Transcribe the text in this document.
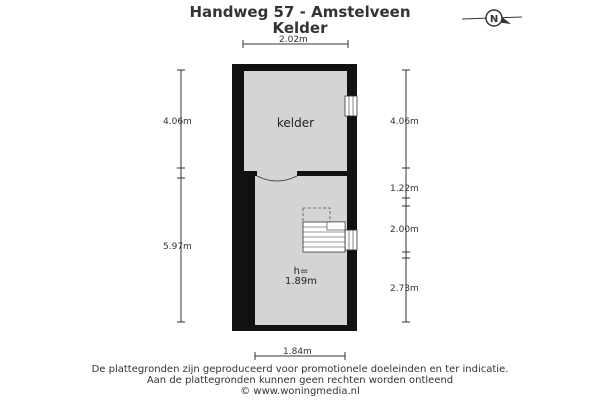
Handweg 57 - Amstelveen
Kelder	N
2.02m
1.84m
4.06m
5.97m
4.06m
1.22m
2.00m
2.73m
kelder
h=
1.89m
De plattegronden zijn geproduceerd voor promotionele doeleinden en ter indicatie.
Aan de plattegronden kunnen geen rechten worden ontleend
© www.woningmedia.nl
